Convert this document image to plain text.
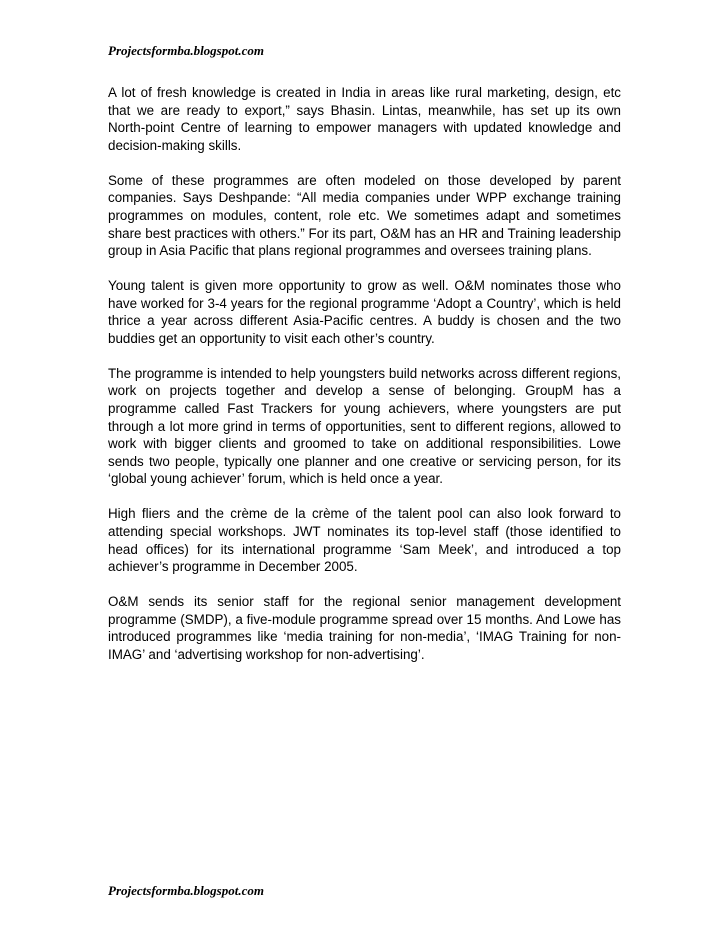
Projectsformba.blogspot.com

A lot of fresh knowledge is created in India in areas like rural marketing, design, etc that we are ready to export,” says Bhasin. Lintas, meanwhile, has set up its own North-point Centre of learning to empower managers with updated knowledge and decision-making skills.

Some of these programmes are often modeled on those developed by parent companies. Says Deshpande: “All media companies under WPP exchange training programmes on modules, content, role etc. We sometimes adapt and sometimes share best practices with others.” For its part, O&M has an HR and Training leadership group in Asia Pacific that plans regional programmes and oversees training plans.

Young talent is given more opportunity to grow as well. O&M nominates those who have worked for 3-4 years for the regional programme ‘Adopt a Country’, which is held thrice a year across different Asia-Pacific centres. A buddy is chosen and the two buddies get an opportunity to visit each other’s country.

The programme is intended to help youngsters build networks across different regions, work on projects together and develop a sense of belonging. GroupM has a programme called Fast Trackers for young achievers, where youngsters are put through a lot more grind in terms of opportunities, sent to different regions, allowed to work with bigger clients and groomed to take on additional responsibilities. Lowe sends two people, typically one planner and one creative or servicing person, for its ‘global young achiever’ forum, which is held once a year.

High fliers and the crème de la crème of the talent pool can also look forward to attending special workshops. JWT nominates its top-level staff (those identified to head offices) for its international programme ‘Sam Meek’, and introduced a top achiever’s programme in December 2005.

O&M sends its senior staff for the regional senior management development programme (SMDP), a five-module programme spread over 15 months. And Lowe has introduced programmes like ‘media training for non-media’, ‘IMAG Training for non-IMAG’ and ‘advertising workshop for non-advertising’.

Projectsformba.blogspot.com
